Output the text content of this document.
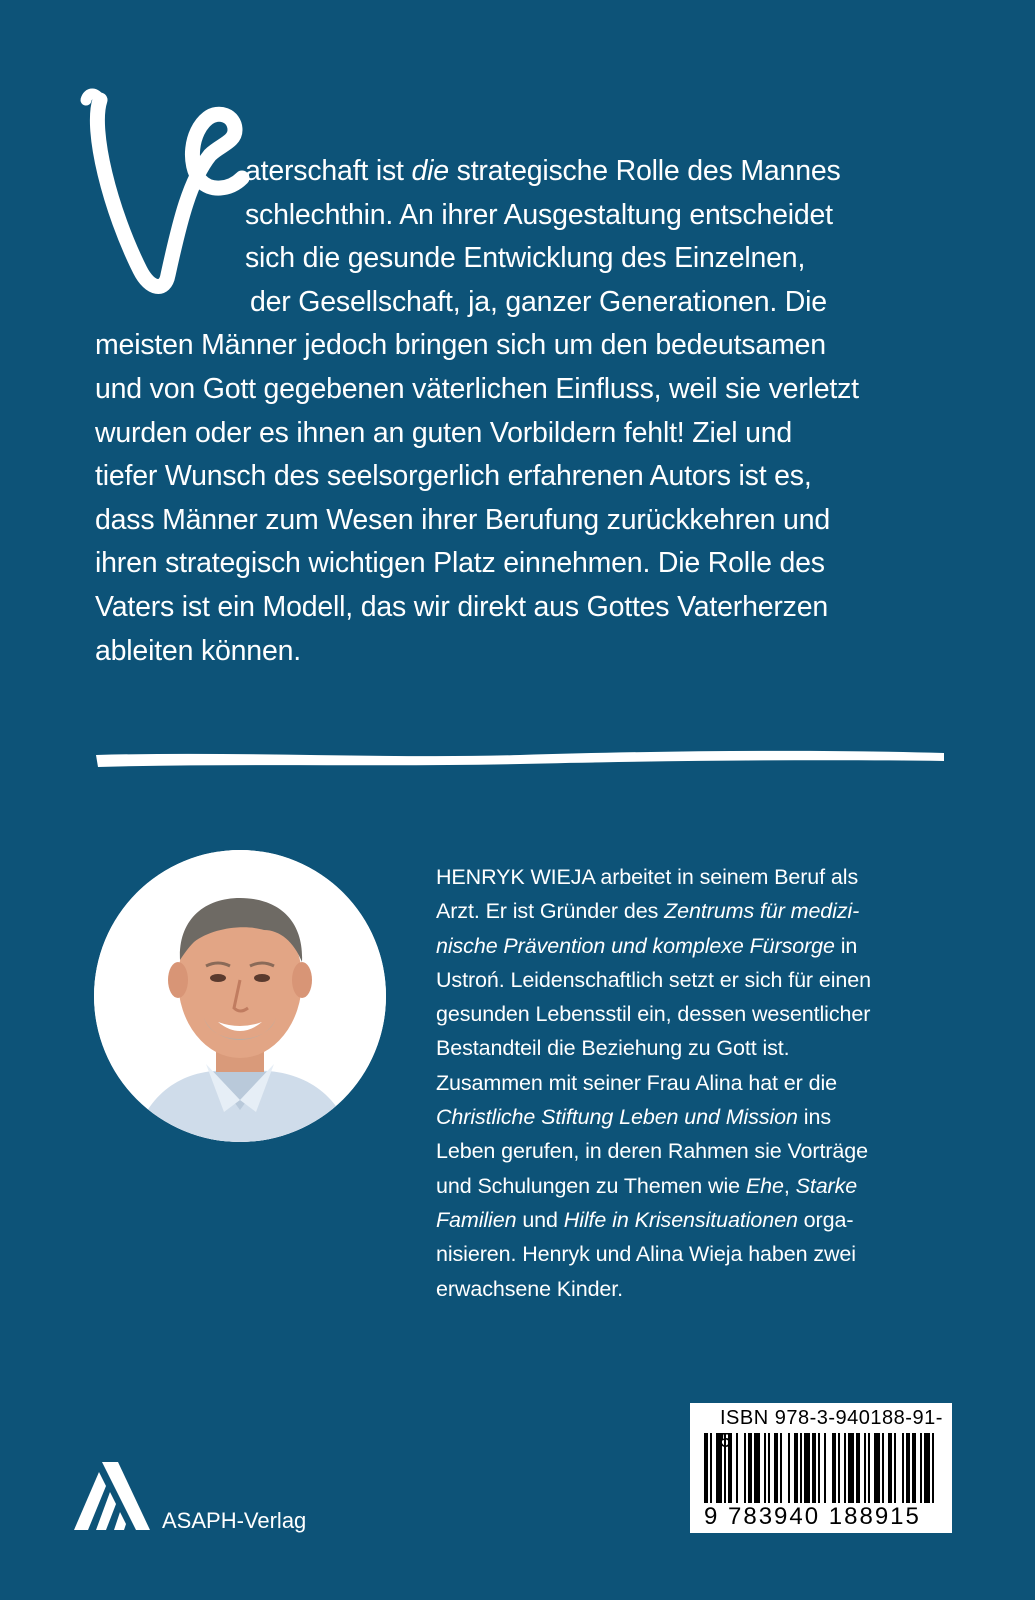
aterschaft ist die strategische Rolle des Mannes
schlechthin. An ihrer Ausgestaltung entscheidet
sich die gesunde Entwicklung des Einzelnen,
der Gesellschaft, ja, ganzer Generationen. Die
meisten Männer jedoch bringen sich um den bedeutsamen
und von Gott gegebenen väterlichen Einfluss, weil sie verletzt
wurden oder es ihnen an guten Vorbildern fehlt! Ziel und
tiefer Wunsch des seelsorgerlich erfahrenen Autors ist es,
dass Männer zum Wesen ihrer Berufung zurückkehren und
ihren strategisch wichtigen Platz einnehmen. Die Rolle des
Vaters ist ein Modell, das wir direkt aus Gottes Vaterherzen
ableiten können.
HENRYK WIEJA arbeitet in seinem Beruf als
Arzt. Er ist Gründer des Zentrums für medizi-
nische Prävention und komplexe Fürsorge in
Ustroń. Leidenschaftlich setzt er sich für einen
gesunden Lebensstil ein, dessen wesentlicher
Bestandteil die Beziehung zu Gott ist.
Zusammen mit seiner Frau Alina hat er die
Christliche Stiftung Leben und Mission ins
Leben gerufen, in deren Rahmen sie Vorträge
und Schulungen zu Themen wie Ehe, Starke
Familien und Hilfe in Krisensituationen orga-
nisieren. Henryk und Alina Wieja haben zwei
erwachsene Kinder.
ASAPH-Verlag
ISBN 978-3-940188-91-
9 783940 188915
